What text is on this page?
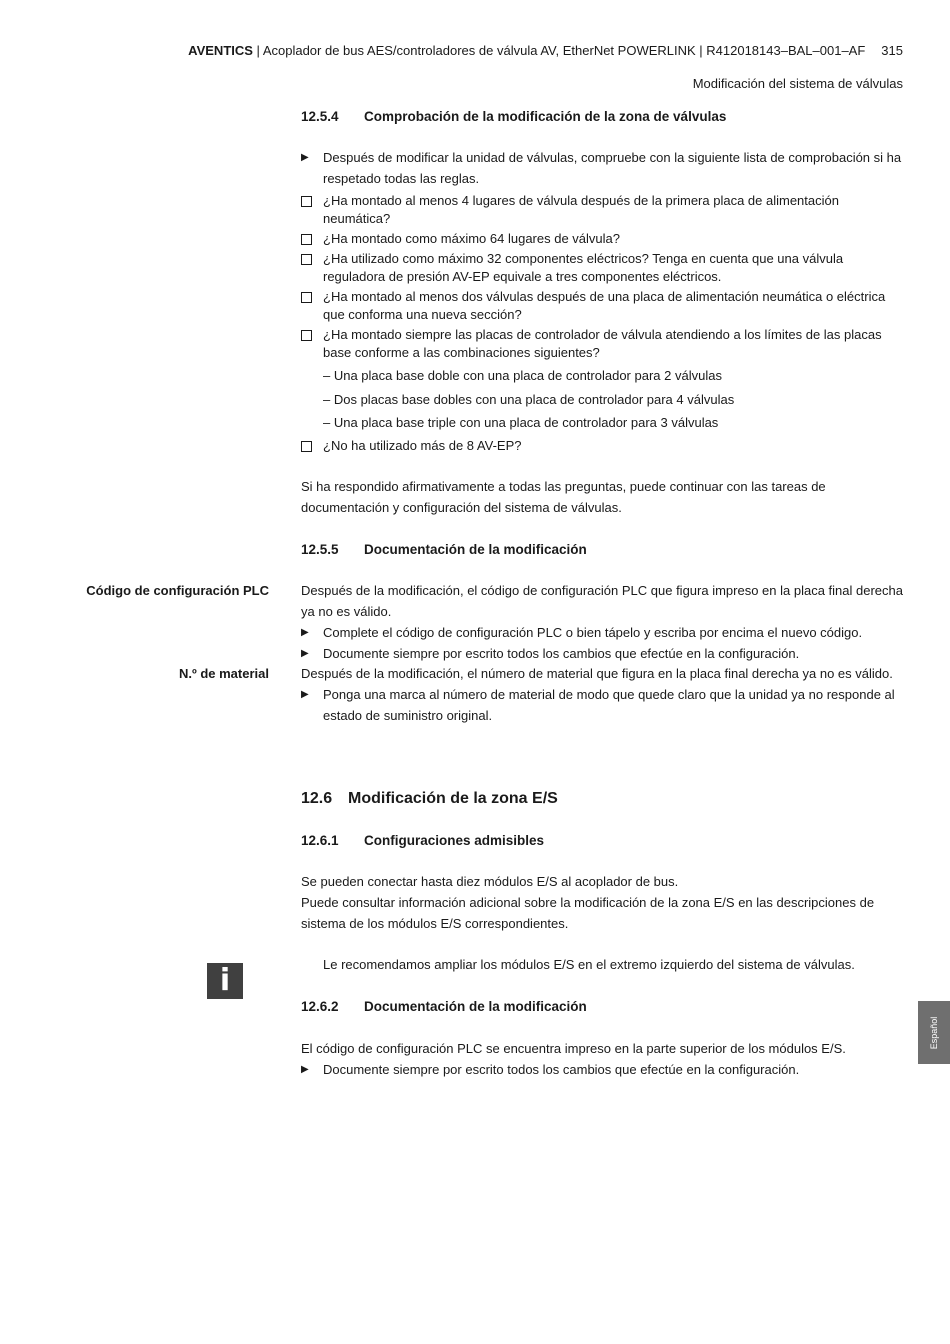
AVENTICS | Acoplador de bus AES/controladores de válvula AV, EtherNet POWERLINK | R412018143–BAL–001–AF 315
Modificación del sistema de válvulas
12.5.4 Comprobación de la modificación de la zona de válvulas
▶ Después de modificar la unidad de válvulas, compruebe con la siguiente lista de comprobación si ha respetado todas las reglas.
¿Ha montado al menos 4 lugares de válvula después de la primera placa de alimentación neumática?
¿Ha montado como máximo 64 lugares de válvula?
¿Ha utilizado como máximo 32 componentes eléctricos? Tenga en cuenta que una válvula reguladora de presión AV-EP equivale a tres componentes eléctricos.
¿Ha montado al menos dos válvulas después de una placa de alimentación neumática o eléctrica que conforma una nueva sección?
¿Ha montado siempre las placas de controlador de válvula atendiendo a los límites de las placas base conforme a las combinaciones siguientes?
– Una placa base doble con una placa de controlador para 2 válvulas
– Dos placas base dobles con una placa de controlador para 4 válvulas
– Una placa base triple con una placa de controlador para 3 válvulas
¿No ha utilizado más de 8 AV-EP?
Si ha respondido afirmativamente a todas las preguntas, puede continuar con las tareas de documentación y configuración del sistema de válvulas.
12.5.5 Documentación de la modificación
Código de configuración PLC Después de la modificación, el código de configuración PLC que figura impreso en la placa final derecha ya no es válido.
▶ Complete el código de configuración PLC o bien tápelo y escriba por encima el nuevo código.
▶ Documente siempre por escrito todos los cambios que efectúe en la configuración.
N.º de material Después de la modificación, el número de material que figura en la placa final derecha ya no es válido.
▶ Ponga una marca al número de material de modo que quede claro que la unidad ya no responde al estado de suministro original.
12.6 Modificación de la zona E/S
12.6.1 Configuraciones admisibles
Se pueden conectar hasta diez módulos E/S al acoplador de bus.
Puede consultar información adicional sobre la modificación de la zona E/S en las descripciones de sistema de los módulos E/S correspondientes.
i	Le recomendamos ampliar los módulos E/S en el extremo izquierdo del sistema de válvulas.
12.6.2 Documentación de la modificación
El código de configuración PLC se encuentra impreso en la parte superior de los módulos E/S.
▶ Documente siempre por escrito todos los cambios que efectúe en la configuración.
Español
